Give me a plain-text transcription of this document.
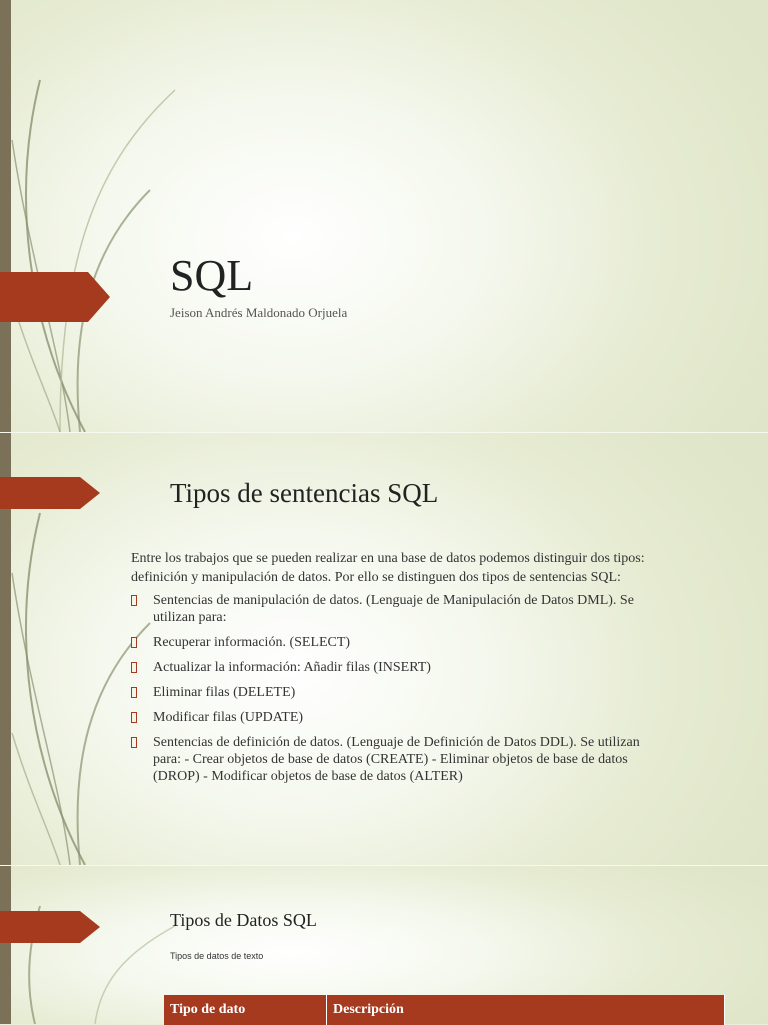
SQL
Jeison Andrés Maldonado Orjuela
Tipos de sentencias SQL
Entre los trabajos que se pueden realizar en una base de datos podemos distinguir dos tipos: definición y manipulación de datos. Por ello se distinguen dos tipos de sentencias SQL:
Sentencias de manipulación de datos. (Lenguaje de Manipulación de Datos DML). Se utilizan para:
Recuperar información. (SELECT)
Actualizar la información: Añadir filas (INSERT)
Eliminar filas (DELETE)
Modificar filas (UPDATE)
Sentencias de definición de datos. (Lenguaje de Definición de Datos DDL). Se utilizan para: - Crear objetos de base de datos (CREATE) - Eliminar objetos de base de datos (DROP) - Modificar objetos de base de datos (ALTER)
Tipos de Datos SQL
Tipos de datos de texto
Tipo de dato	Descripción
